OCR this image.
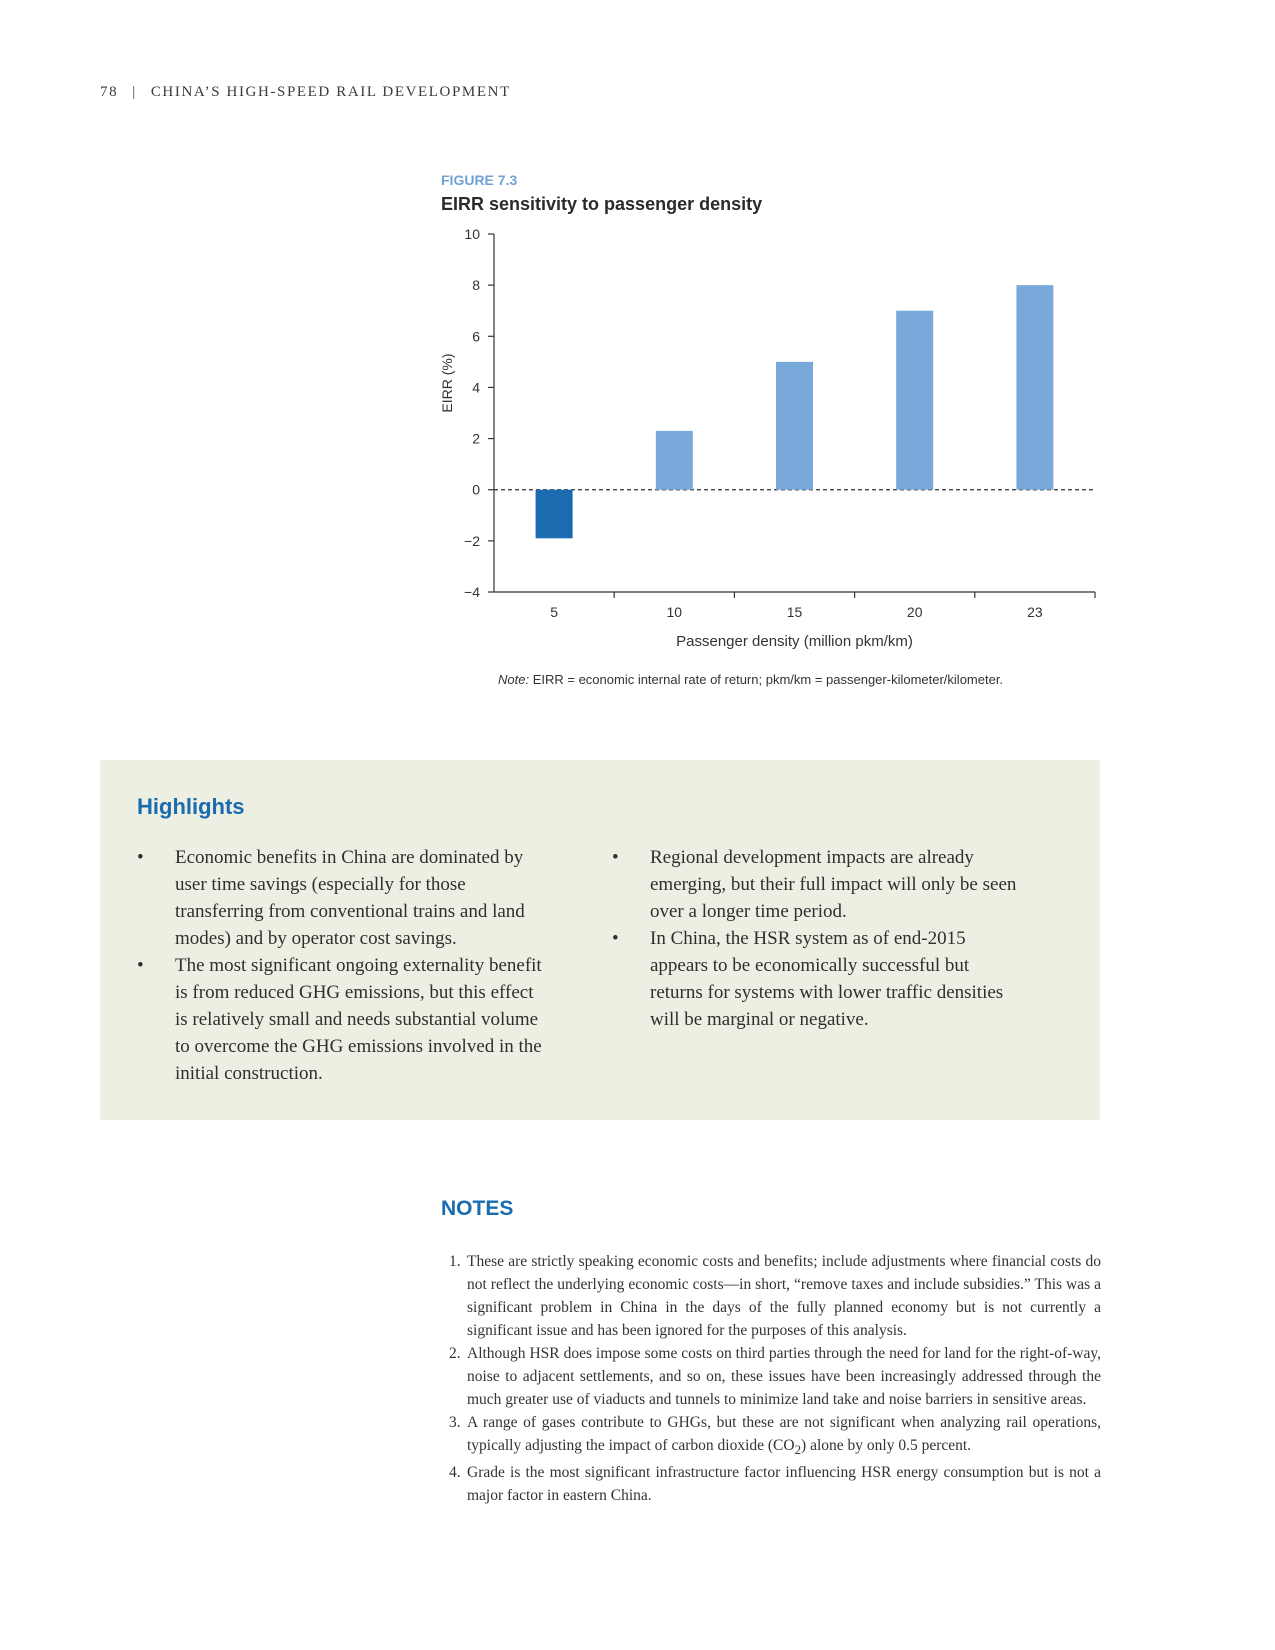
78 | CHINA’S HIGH-SPEED RAIL DEVELOPMENT
FIGURE 7.3
EIRR sensitivity to passenger density
10
8
6
4
2
0
−4
−2
5	10	15	20	23
Passenger density (million pkm/km)
EIRR (%)
Note: EIRR = economic internal rate of return; pkm/km = passenger-kilometer/kilometer.
Highlights
• Economic benefits in China are dominated by user time savings (especially for those transferring from conventional trains and land modes) and by operator cost savings.
• The most significant ongoing externality benefit is from reduced GHG emissions, but this effect is relatively small and needs substantial volume to overcome the GHG emissions involved in the initial construction.
• Regional development impacts are already emerging, but their full impact will only be seen over a longer time period.
• In China, the HSR system as of end-2015 appears to be economically successful but returns for systems with lower traffic densities will be marginal or negative.
NOTES
1. These are strictly speaking economic costs and benefits; include adjustments where financial costs do not reflect the underlying economic costs—in short, “remove taxes and include subsidies.” This was a significant problem in China in the days of the fully planned economy but is not currently a significant issue and has been ignored for the purposes of this analysis.
2. Although HSR does impose some costs on third parties through the need for land for the right-of-way, noise to adjacent settlements, and so on, these issues have been increasingly addressed through the much greater use of viaducts and tunnels to minimize land take and noise barriers in sensitive areas.
3. A range of gases contribute to GHGs, but these are not significant when analyzing rail operations, typically adjusting the impact of carbon dioxide $(CO_2)$ alone by only 0.5 percent.
4. Grade is the most significant infrastructure factor influencing HSR energy consumption but is not a major factor in eastern China.
